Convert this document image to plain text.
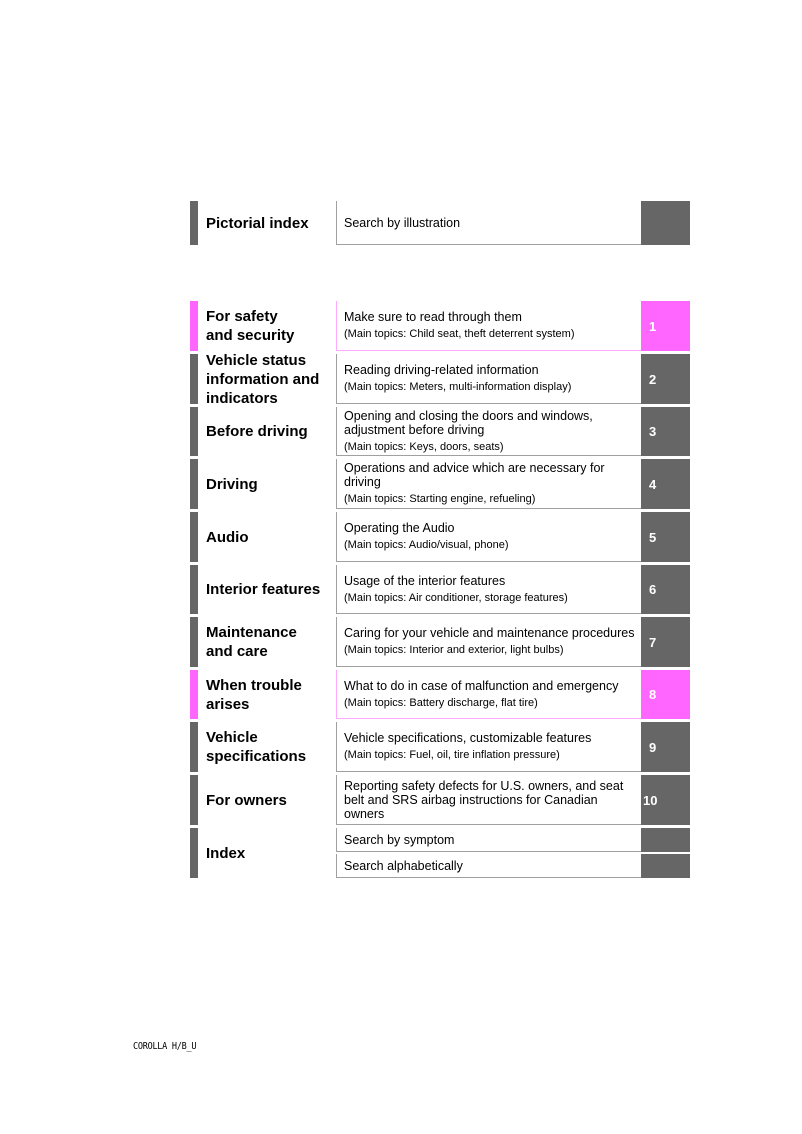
Pictorial index	Search by illustration
For safety
and security
Make sure to read through them
(Main topics: Child seat, theft deterrent system)
1
Vehicle status
information and
indicators
Reading driving-related information
(Main topics: Meters, multi-information display)
2
Before driving
Opening and closing the doors and windows, adjustment before driving
(Main topics: Keys, doors, seats)
3
Driving
Operations and advice which are necessary for driving
(Main topics: Starting engine, refueling)
4
Audio
Operating the Audio
(Main topics: Audio/visual, phone)
5
Interior features
Usage of the interior features
(Main topics: Air conditioner, storage features)
6
Maintenance
and care
Caring for your vehicle and maintenance procedures
(Main topics: Interior and exterior, light bulbs)
7
When trouble
arises
What to do in case of malfunction and emergency
(Main topics: Battery discharge, flat tire)
8
Vehicle
specifications
Vehicle specifications, customizable features
(Main topics: Fuel, oil, tire inflation pressure)
9
For owners
Reporting safety defects for U.S. owners, and seat belt and SRS airbag instructions for Canadian owners
10
Index
Search by symptom
Search alphabetically
COROLLA H/B_U
